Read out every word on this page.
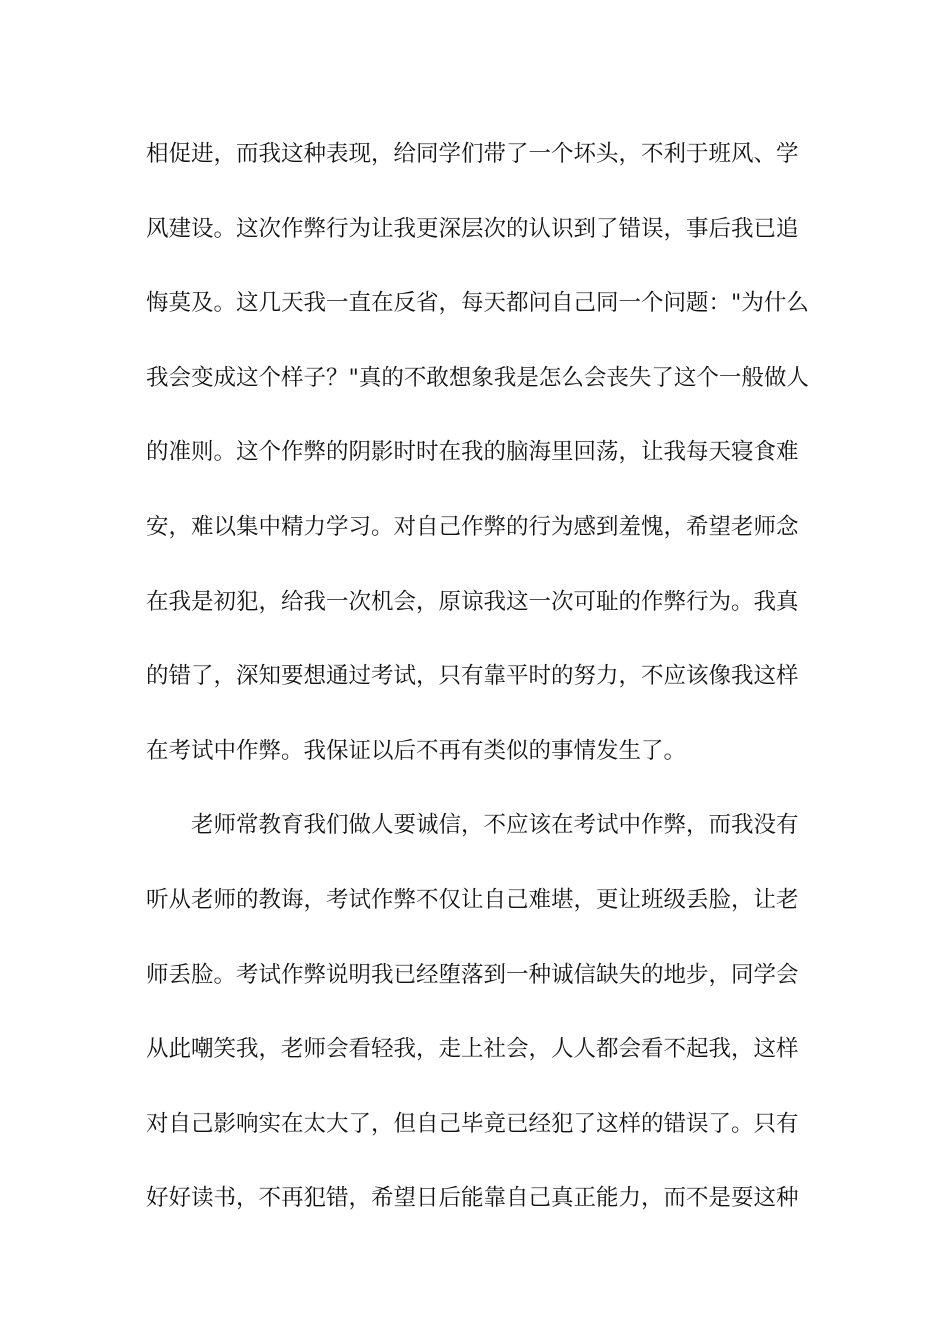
相促进，而我这种表现，给同学们带了一个坏头，不利于班风、学
风建设。这次作弊行为让我更深层次的认识到了错误，事后我已追
悔莫及。这几天我一直在反省，每天都问自己同一个问题："为什么
我会变成这个样子？"真的不敢想象我是怎么会丧失了这个一般做人
的准则。这个作弊的阴影时时在我的脑海里回荡，让我每天寝食难
安，难以集中精力学习。对自己作弊的行为感到羞愧，希望老师念
在我是初犯，给我一次机会，原谅我这一次可耻的作弊行为。我真
的错了，深知要想通过考试，只有靠平时的努力，不应该像我这样
在考试中作弊。我保证以后不再有类似的事情发生了。
老师常教育我们做人要诚信，不应该在考试中作弊，而我没有
听从老师的教诲，考试作弊不仅让自己难堪，更让班级丢脸，让老
师丢脸。考试作弊说明我已经堕落到一种诚信缺失的地步，同学会
从此嘲笑我，老师会看轻我，走上社会，人人都会看不起我，这样
对自己影响实在太大了，但自己毕竟已经犯了这样的错误了。只有
好好读书，不再犯错，希望日后能靠自己真正能力，而不是耍这种
